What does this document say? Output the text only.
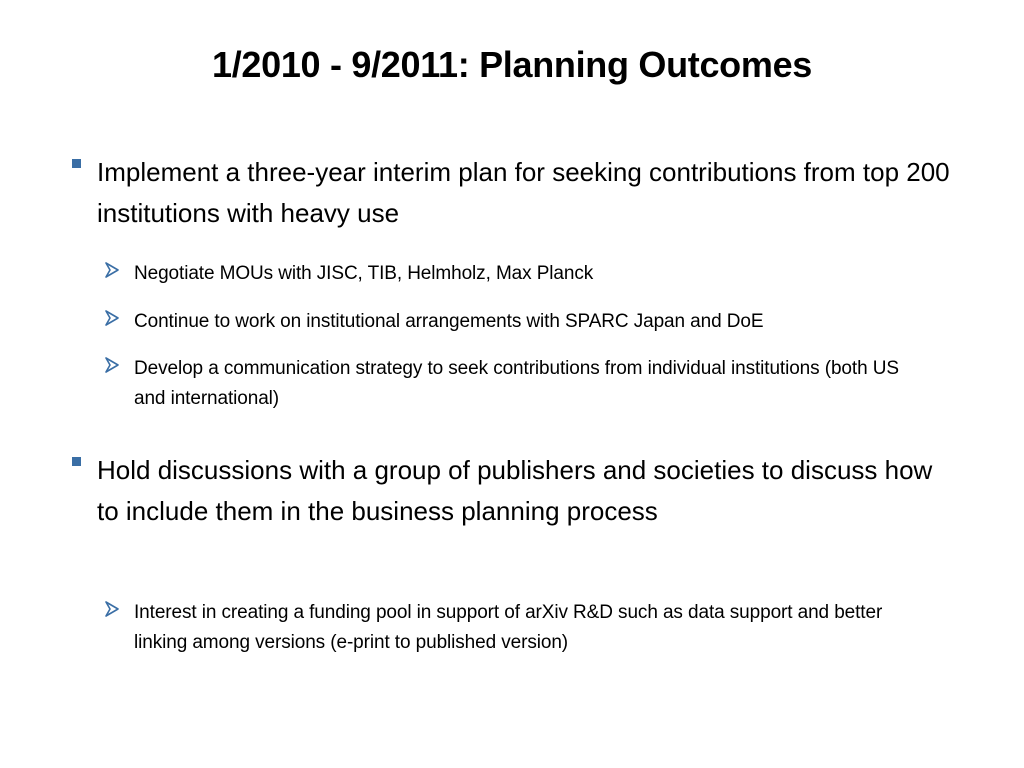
1/2010 - 9/2011: Planning Outcomes
Implement a three-year interim plan for seeking contributions from top 200 institutions with heavy use
Negotiate MOUs with JISC, TIB, Helmholz, Max Planck
Continue to work on institutional arrangements with SPARC Japan and DoE
Develop a communication strategy to seek contributions from individual institutions (both US and international)
Hold discussions with a group of publishers and societies to discuss how to include them in the business planning process
Interest in creating a funding pool in support of arXiv R&D such as data support and better linking among versions (e-print to published version)
